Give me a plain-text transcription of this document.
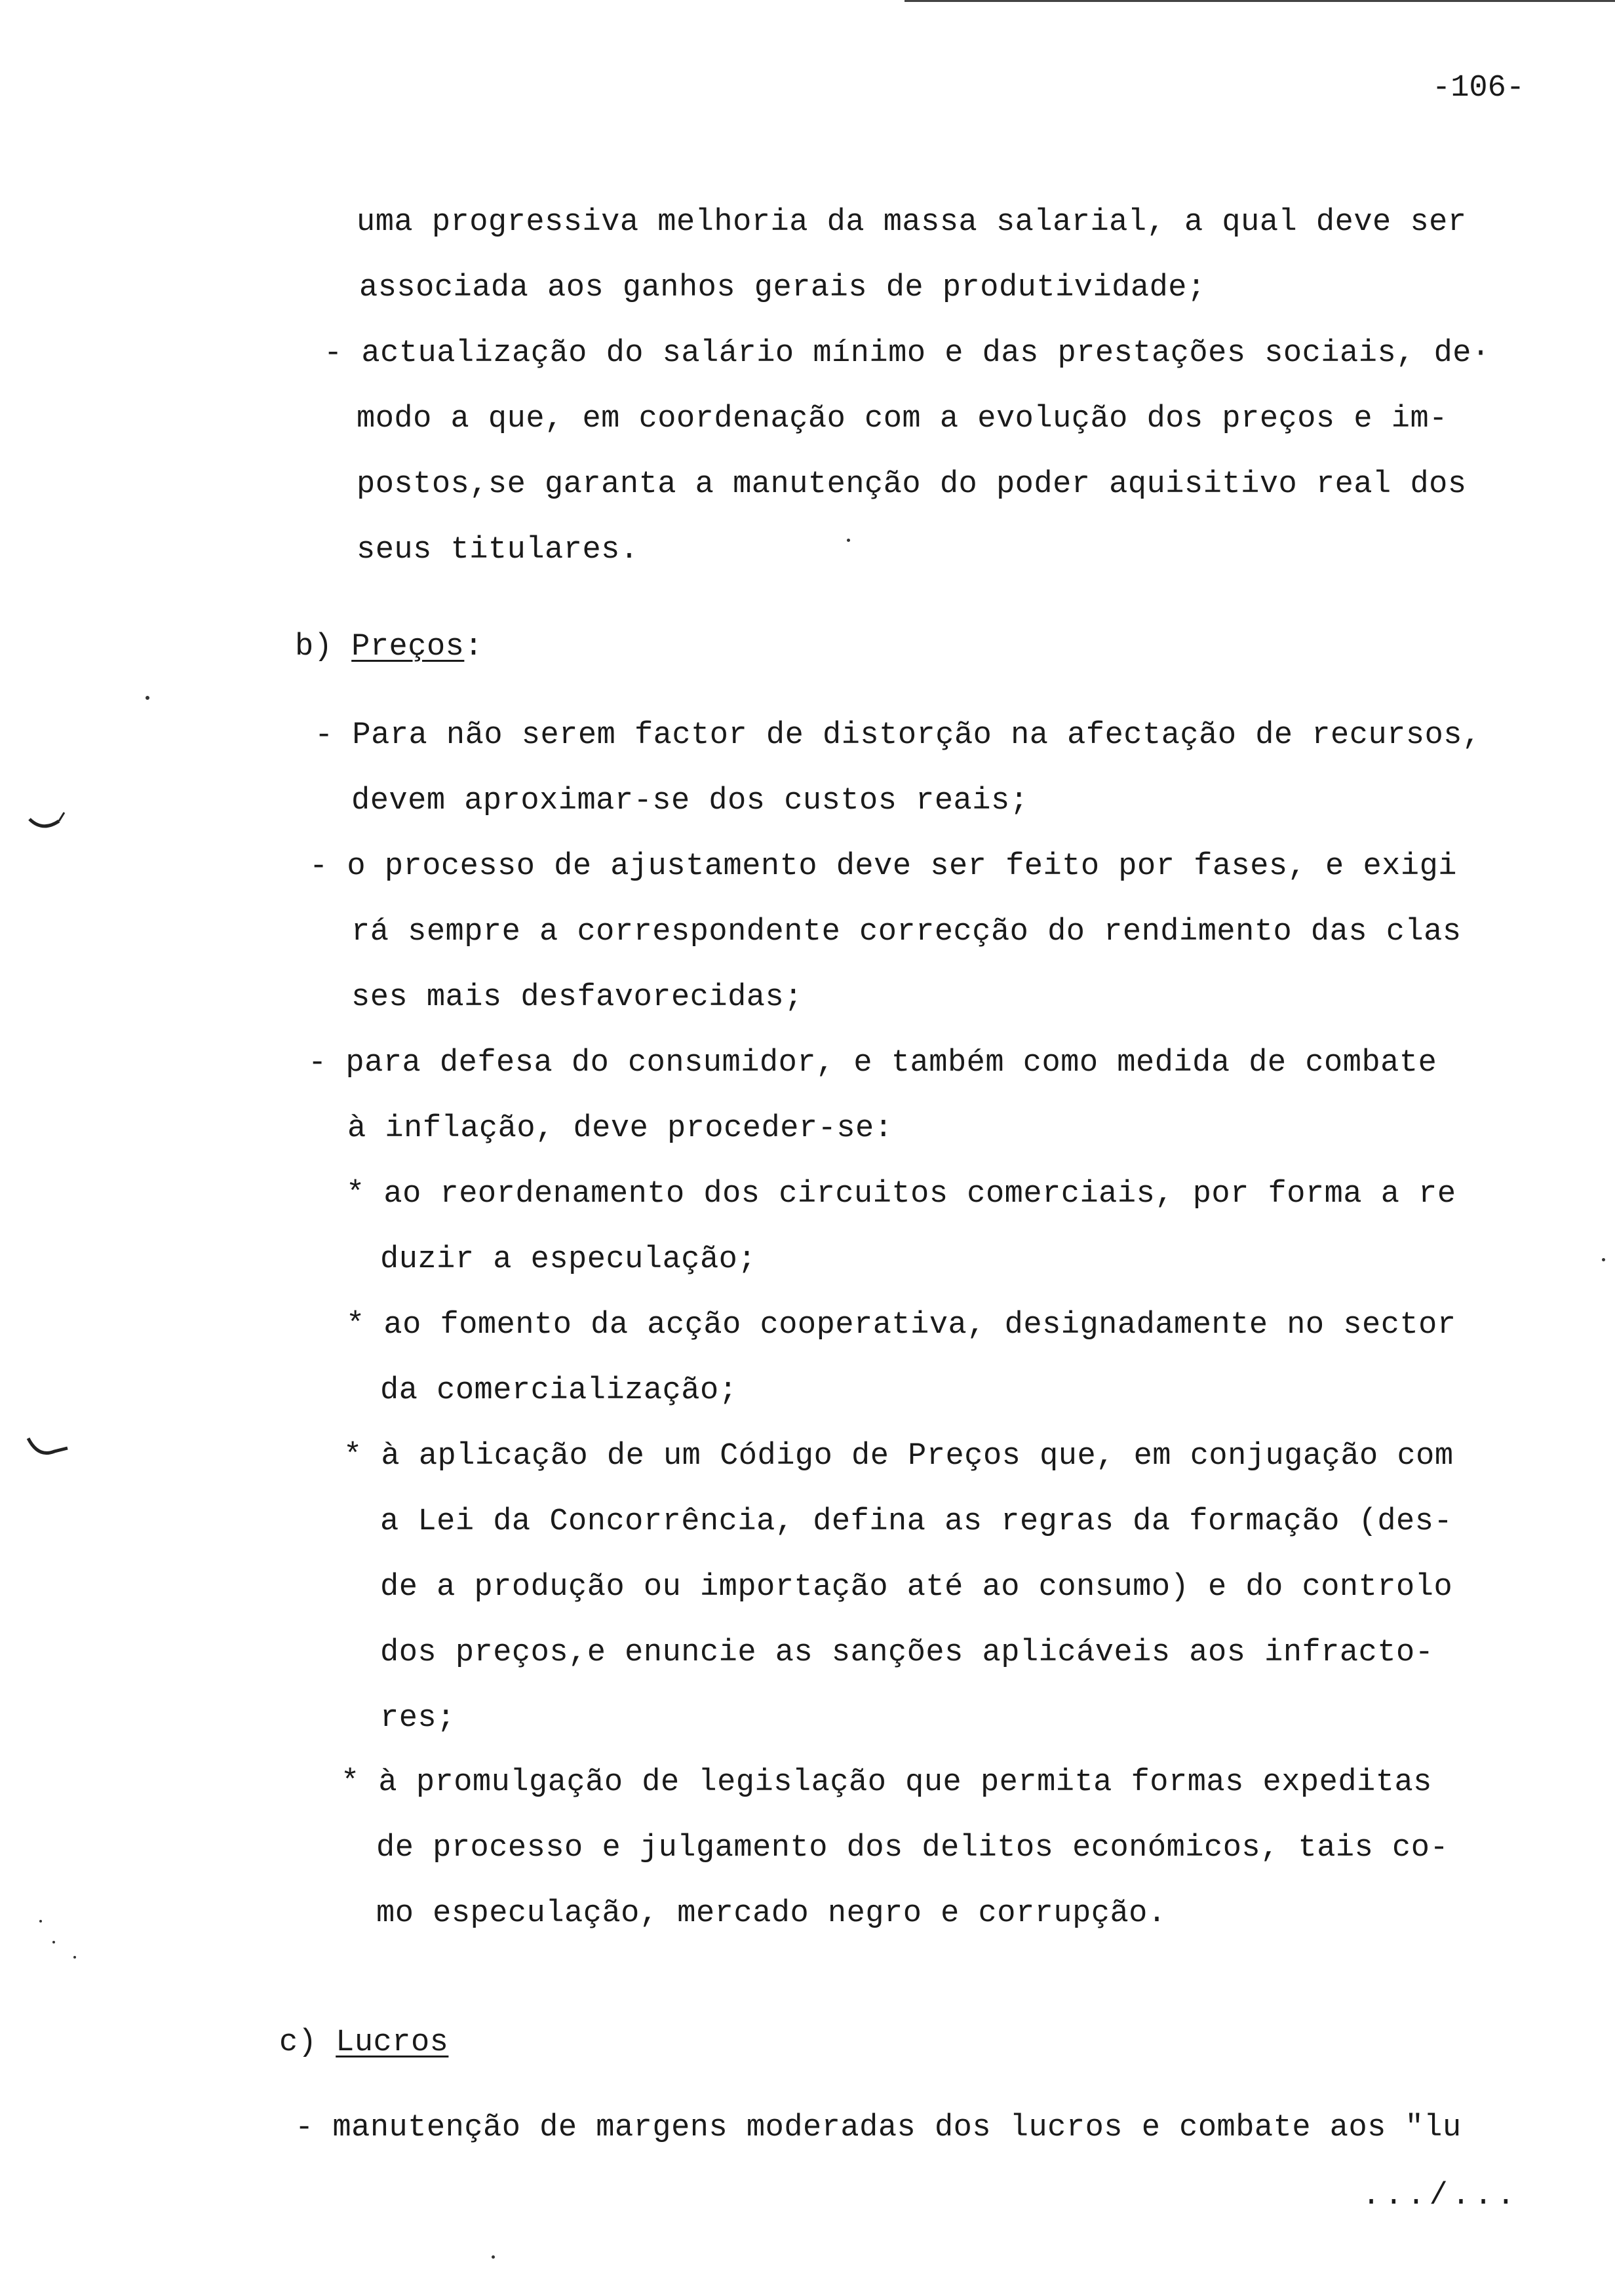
-106-
uma progressiva melhoria da massa salarial, a qual deve ser
associada aos ganhos gerais de produtividade;
- actualização do salário mínimo e das prestações sociais, de·
modo a que, em coordenação com a evolução dos preços e im-
postos,se garanta a manutenção do poder aquisitivo real dos
seus titulares.
b) Preços:
- Para não serem factor de distorção na afectação de recursos,
devem aproximar-se dos custos reais;
- o processo de ajustamento deve ser feito por fases, e exigi
rá sempre a correspondente correcção do rendimento das clas
ses mais desfavorecidas;
- para defesa do consumidor, e também como medida de combate
à inflação, deve proceder-se:
* ao reordenamento dos circuitos comerciais, por forma a re
duzir a especulação;
* ao fomento da acção cooperativa, designadamente no sector
da comercialização;
* à aplicação de um Código de Preços que, em conjugação com
a Lei da Concorrência, defina as regras da formação (des-
de a produção ou importação até ao consumo) e do controlo
dos preços,e enuncie as sanções aplicáveis aos infracto-
res;
* à promulgação de legislação que permita formas expeditas
de processo e julgamento dos delitos económicos, tais co-
mo especulação, mercado negro e corrupção.
c) Lucros
- manutenção de margens moderadas dos lucros e combate aos "lu
.../...
